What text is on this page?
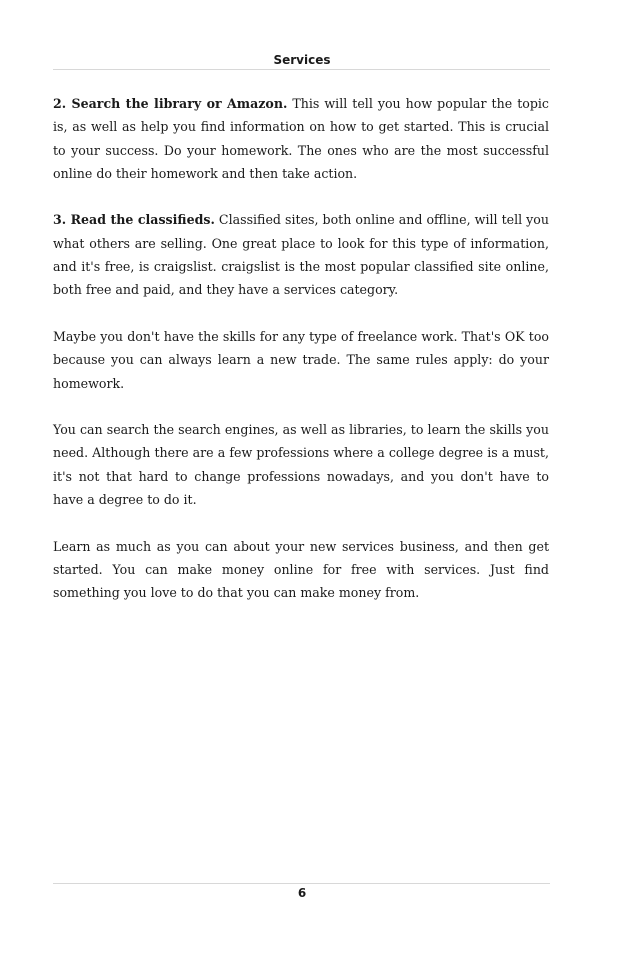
Services

2. Search the library or Amazon. This will tell you how popular the topic is, as well as help you find information on how to get started. This is crucial to your success. Do your homework. The ones who are the most successful online do their homework and then take action.

3. Read the classifieds. Classified sites, both online and offline, will tell you what others are selling. One great place to look for this type of information, and it's free, is craigslist. craigslist is the most popular classified site online, both free and paid, and they have a services category.

Maybe you don't have the skills for any type of freelance work. That's OK too because you can always learn a new trade. The same rules apply: do your homework.

You can search the search engines, as well as libraries, to learn the skills you need. Although there are a few professions where a college degree is a must, it's not that hard to change professions nowadays, and you don't have to have a degree to do it.

Learn as much as you can about your new services business, and then get started. You can make money online for free with services. Just find something you love to do that you can make money from.

6
